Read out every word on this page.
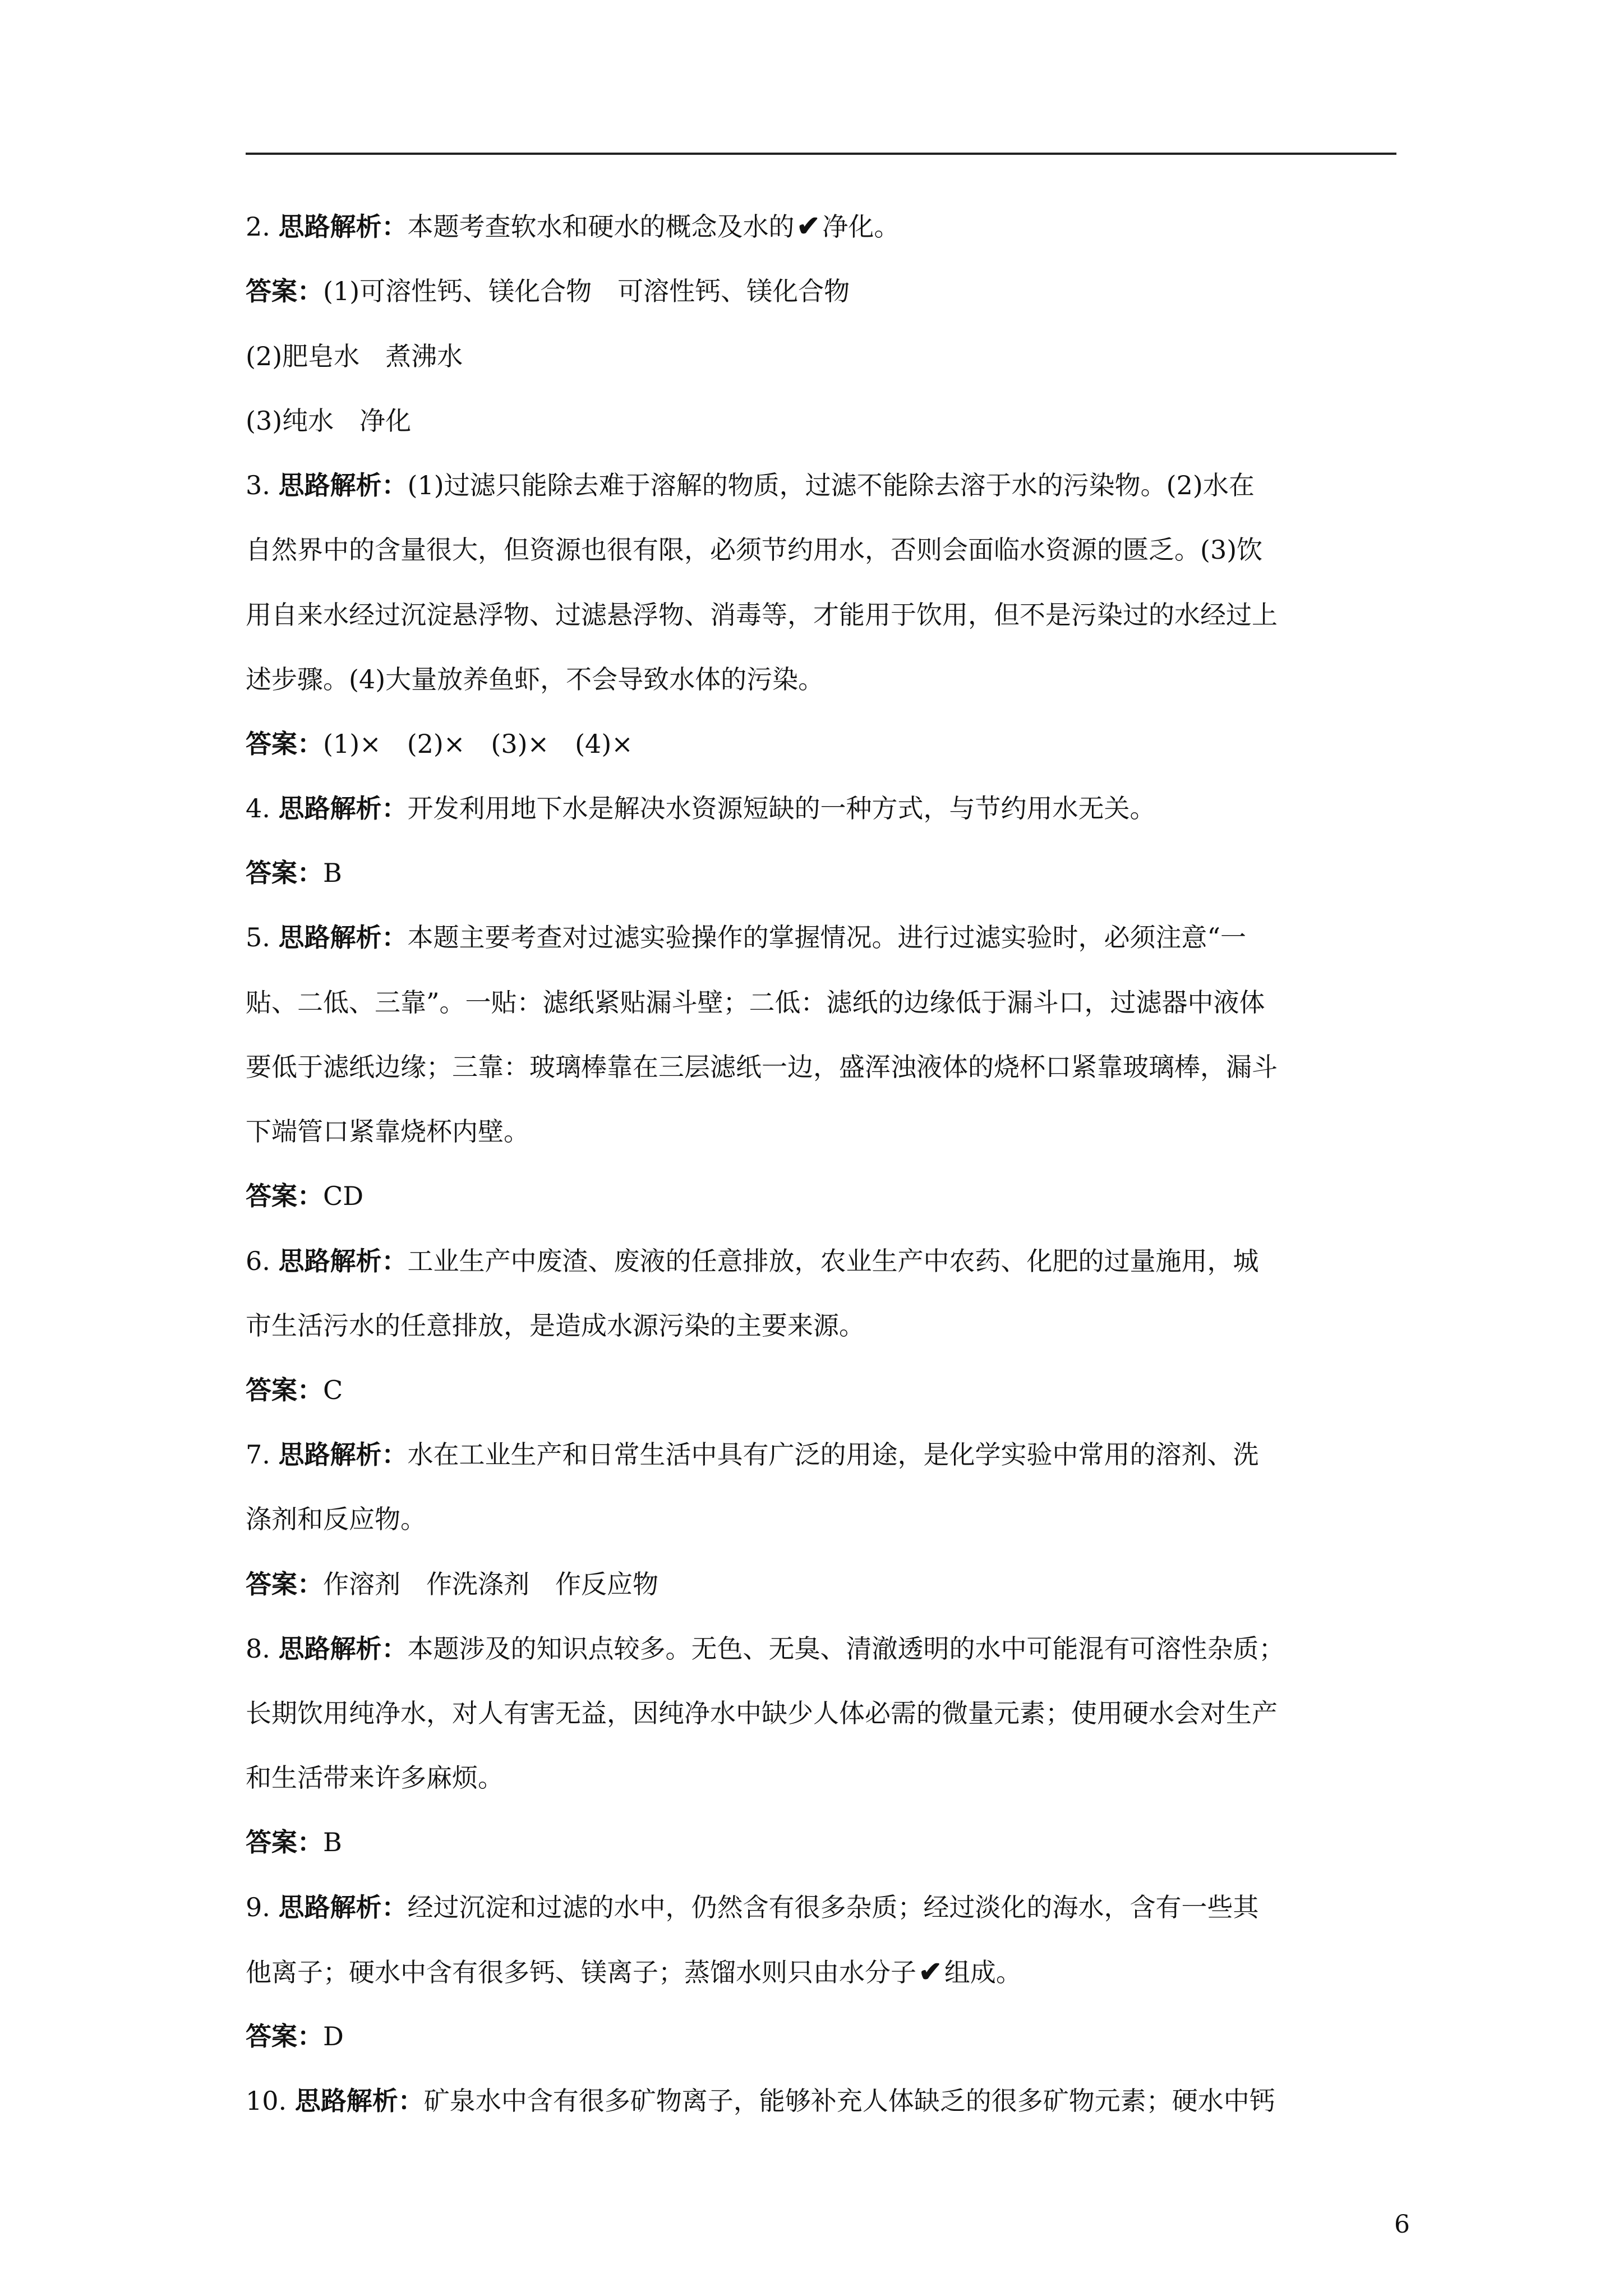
2. 思路解析：本题考查软水和硬水的概念及水的✔净化。
答案：(1)可溶性钙、镁化合物　可溶性钙、镁化合物
(2)肥皂水　煮沸水
(3)纯水　净化
3. 思路解析：(1)过滤只能除去难于溶解的物质，过滤不能除去溶于水的污染物。(2)水在
自然界中的含量很大，但资源也很有限，必须节约用水，否则会面临水资源的匮乏。(3)饮
用自来水经过沉淀悬浮物、过滤悬浮物、消毒等，才能用于饮用，但不是污染过的水经过上
述步骤。(4)大量放养鱼虾，不会导致水体的污染。
答案：(1)×　(2)×　(3)×　(4)×
4. 思路解析：开发利用地下水是解决水资源短缺的一种方式，与节约用水无关。
答案：B
5. 思路解析：本题主要考查对过滤实验操作的掌握情况。进行过滤实验时，必须注意“一
贴、二低、三靠”。一贴：滤纸紧贴漏斗壁；二低：滤纸的边缘低于漏斗口，过滤器中液体
要低于滤纸边缘；三靠：玻璃棒靠在三层滤纸一边，盛浑浊液体的烧杯口紧靠玻璃棒，漏斗
下端管口紧靠烧杯内壁。
答案：CD
6. 思路解析：工业生产中废渣、废液的任意排放，农业生产中农药、化肥的过量施用，城
市生活污水的任意排放，是造成水源污染的主要来源。
答案：C
7. 思路解析：水在工业生产和日常生活中具有广泛的用途，是化学实验中常用的溶剂、洗
涤剂和反应物。
答案：作溶剂　作洗涤剂　作反应物
8. 思路解析：本题涉及的知识点较多。无色、无臭、清澈透明的水中可能混有可溶性杂质；
长期饮用纯净水，对人有害无益，因纯净水中缺少人体必需的微量元素；使用硬水会对生产
和生活带来许多麻烦。
答案：B
9. 思路解析：经过沉淀和过滤的水中，仍然含有很多杂质；经过淡化的海水，含有一些其
他离子；硬水中含有很多钙、镁离子；蒸馏水则只由水分子✔组成。
答案：D
10. 思路解析：矿泉水中含有很多矿物离子，能够补充人体缺乏的很多矿物元素；硬水中钙
6
